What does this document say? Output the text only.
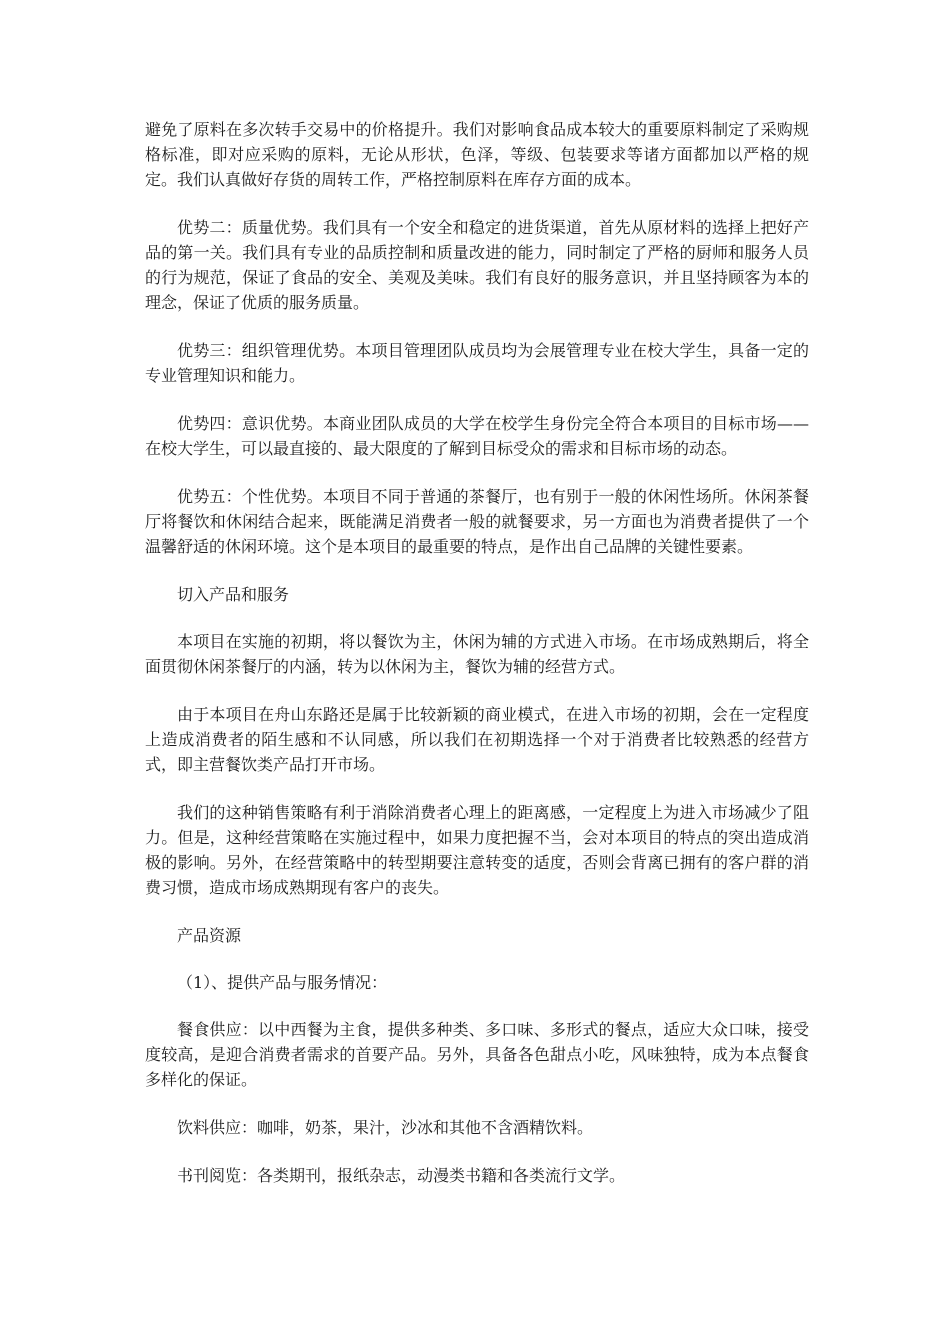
避免了原料在多次转手交易中的价格提升。我们对影响食品成本较大的重要原料制定了采购规格标准，即对应采购的原料，无论从形状，色泽，等级、包装要求等诸方面都加以严格的规定。我们认真做好存货的周转工作，严格控制原料在库存方面的成本。

优势二：质量优势。我们具有一个安全和稳定的进货渠道，首先从原材料的选择上把好产品的第一关。我们具有专业的品质控制和质量改进的能力，同时制定了严格的厨师和服务人员的行为规范，保证了食品的安全、美观及美味。我们有良好的服务意识，并且坚持顾客为本的理念，保证了优质的服务质量。

优势三：组织管理优势。本项目管理团队成员均为会展管理专业在校大学生，具备一定的专业管理知识和能力。

优势四：意识优势。本商业团队成员的大学在校学生身份完全符合本项目的目标市场——在校大学生，可以最直接的、最大限度的了解到目标受众的需求和目标市场的动态。

优势五：个性优势。本项目不同于普通的茶餐厅，也有别于一般的休闲性场所。休闲茶餐厅将餐饮和休闲结合起来，既能满足消费者一般的就餐要求，另一方面也为消费者提供了一个温馨舒适的休闲环境。这个是本项目的最重要的特点，是作出自己品牌的关键性要素。

切入产品和服务

本项目在实施的初期，将以餐饮为主，休闲为辅的方式进入市场。在市场成熟期后，将全面贯彻休闲茶餐厅的内涵，转为以休闲为主，餐饮为辅的经营方式。

由于本项目在舟山东路还是属于比较新颖的商业模式，在进入市场的初期，会在一定程度上造成消费者的陌生感和不认同感，所以我们在初期选择一个对于消费者比较熟悉的经营方式，即主营餐饮类产品打开市场。

我们的这种销售策略有利于消除消费者心理上的距离感，一定程度上为进入市场减少了阻力。但是，这种经营策略在实施过程中，如果力度把握不当，会对本项目的特点的突出造成消极的影响。另外，在经营策略中的转型期要注意转变的适度，否则会背离已拥有的客户群的消费习惯，造成市场成熟期现有客户的丧失。

产品资源

（1）、提供产品与服务情况：

餐食供应：以中西餐为主食，提供多种类、多口味、多形式的餐点，适应大众口味，接受度较高，是迎合消费者需求的首要产品。另外，具备各色甜点小吃，风味独特，成为本点餐食多样化的保证。

饮料供应：咖啡，奶茶，果汁，沙冰和其他不含酒精饮料。

书刊阅览：各类期刊，报纸杂志，动漫类书籍和各类流行文学。
